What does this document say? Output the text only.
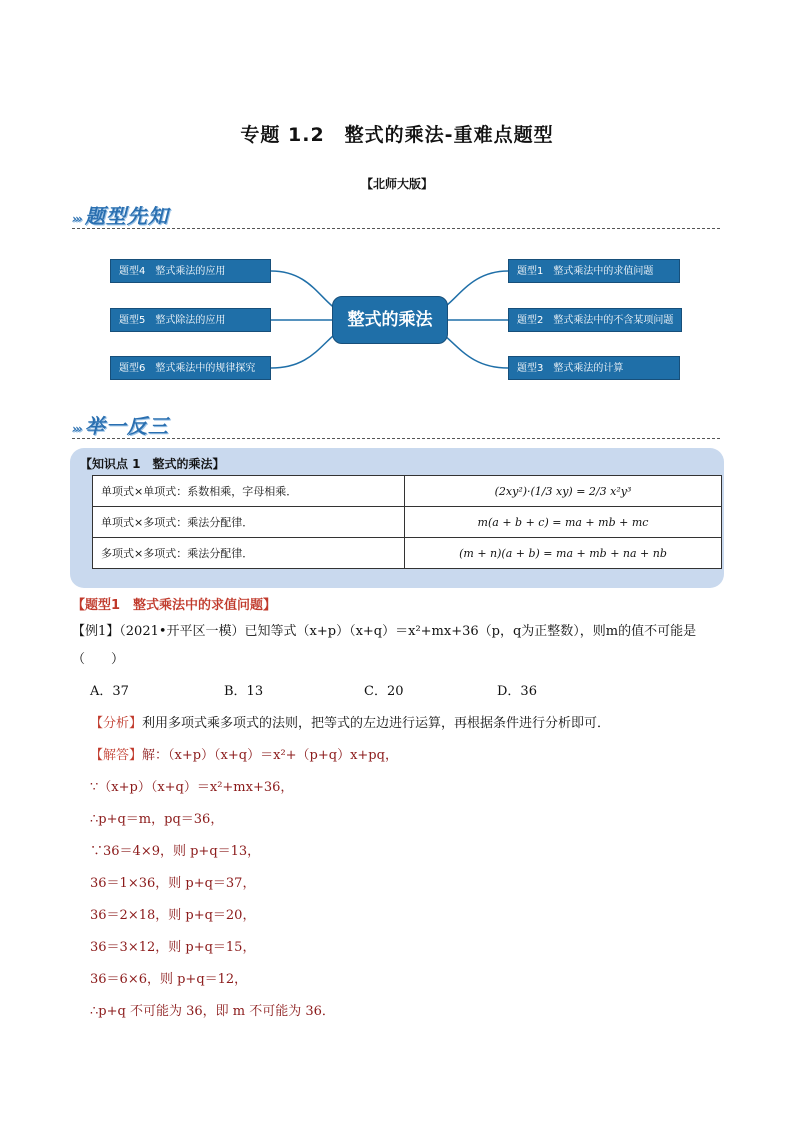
专题 1.2　整式的乘法-重难点题型
【北师大版】
››› 题型先知
题型4　整式乘法的应用
题型5　整式除法的应用
题型6　整式乘法中的规律探究
整式的乘法
题型1　整式乘法中的求值问题
题型2　整式乘法中的不含某项问题
题型3　整式乘法的计算
››› 举一反三
【知识点 1　整式的乘法】
单项式×单项式：系数相乘，字母相乘．	(2xy²)·(1/3 xy) = 2/3 x²y³
单项式×多项式：乘法分配律．	m(a + b + c) = ma + mb + mc
多项式×多项式：乘法分配律．	(m + n)(a + b) = ma + mb + na + nb
【题型1　整式乘法中的求值问题】
【例1】（2021•开平区一模）已知等式（x+p）（x+q）＝x²+mx+36（p，q为正整数），则m的值不可能是（　　）
A．37	B．13	C．20	D．36
【分析】利用多项式乘多项式的法则，把等式的左边进行运算，再根据条件进行分析即可．
【解答】解：（x+p）（x+q）＝x²+（p+q）x+pq，
∵（x+p）（x+q）＝x²+mx+36，
∴p+q＝m，pq＝36，
∵36＝4×9，则 p+q＝13，
36＝1×36，则 p+q＝37，
36＝2×18，则 p+q＝20，
36＝3×12，则 p+q＝15，
36＝6×6，则 p+q＝12，
∴p+q 不可能为 36，即 m 不可能为 36．
